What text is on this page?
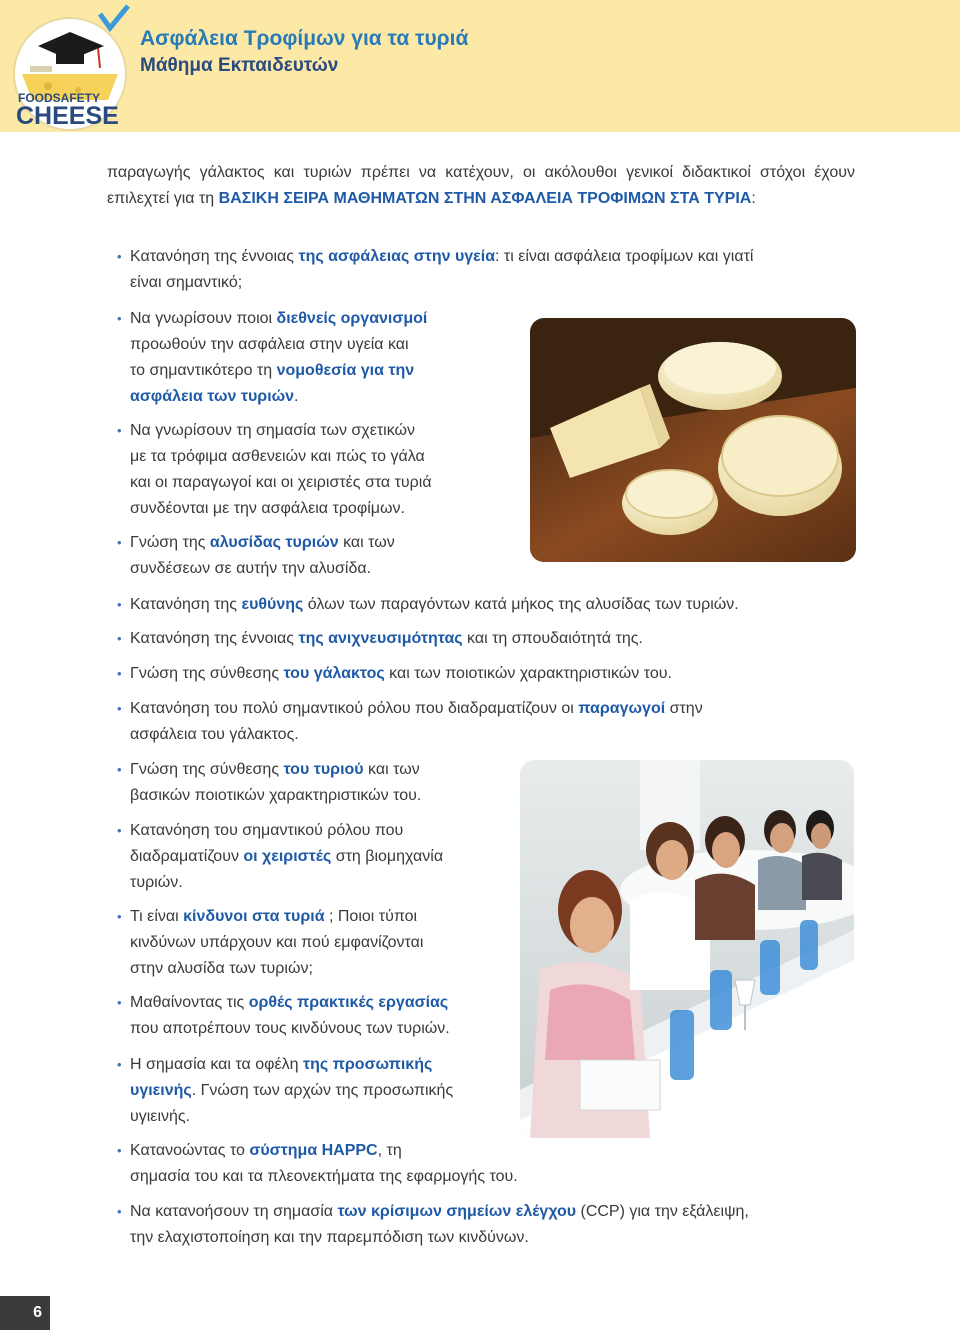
FOODSAFETY
CHEESE
Ασφάλεια Τροφίμων για τα τυριά
Μάθημα Εκπαιδευτών
παραγωγής γάλακτος και τυριών πρέπει να κατέχουν, οι ακόλουθοι γενικοί διδακτικοί στόχοι έχουν επιλεχτεί για τη ΒΑΣΙΚΗ ΣΕΙΡΑ ΜΑΘΗΜΑΤΩΝ ΣΤΗΝ ΑΣΦΑΛΕΙΑ ΤΡΟΦΙΜΩΝ ΣΤΑ ΤΥΡΙΑ:
• Κατανόηση της έννοιας της ασφάλειας στην υγεία: τι είναι ασφάλεια τροφίμων και γιατί
είναι σημαντικό;
• Να γνωρίσουν ποιοι διεθνείς οργανισμοί
προωθούν την ασφάλεια στην υγεία και
το σημαντικότερο τη νομοθεσία για την
ασφάλεια των τυριών.
• Να γνωρίσουν τη σημασία των σχετικών
με τα τρόφιμα ασθενειών και πώς το γάλα
και οι παραγωγοί και οι χειριστές στα τυριά
συνδέονται με την ασφάλεια τροφίμων.
• Γνώση της αλυσίδας τυριών και των
συνδέσεων σε αυτήν την αλυσίδα.
• Κατανόηση της ευθύνης όλων των παραγόντων κατά μήκος της αλυσίδας των τυριών.
• Κατανόηση της έννοιας της ανιχνευσιμότητας και τη σπουδαιότητά της.
• Γνώση της σύνθεσης του γάλακτος και των ποιοτικών χαρακτηριστικών του.
• Κατανόηση του πολύ σημαντικού ρόλου που διαδραματίζουν οι παραγωγοί στην
ασφάλεια του γάλακτος.
• Γνώση της σύνθεσης του τυριού και των
βασικών ποιοτικών χαρακτηριστικών του.
• Κατανόηση του σημαντικού ρόλου που
διαδραματίζουν οι χειριστές στη βιομηχανία
τυριών.
• Τι είναι κίνδυνοι στα τυριά ; Ποιοι τύποι
κινδύνων υπάρχουν και πού εμφανίζονται
στην αλυσίδα των τυριών;
• Μαθαίνοντας τις ορθές πρακτικές εργασίας
που αποτρέπουν τους κινδύνους των τυριών.
• Η σημασία και τα οφέλη της προσωπικής
υγιεινής. Γνώση των αρχών της προσωπικής
υγιεινής.
• Κατανοώντας το σύστημα HAPPC, τη
σημασία του και τα πλεονεκτήματα της εφαρμογής του.
• Να κατανοήσουν τη σημασία των κρίσιμων σημείων ελέγχου (CCP) για την εξάλειψη,
την ελαχιστοποίηση και την παρεμπόδιση των κινδύνων.
6
